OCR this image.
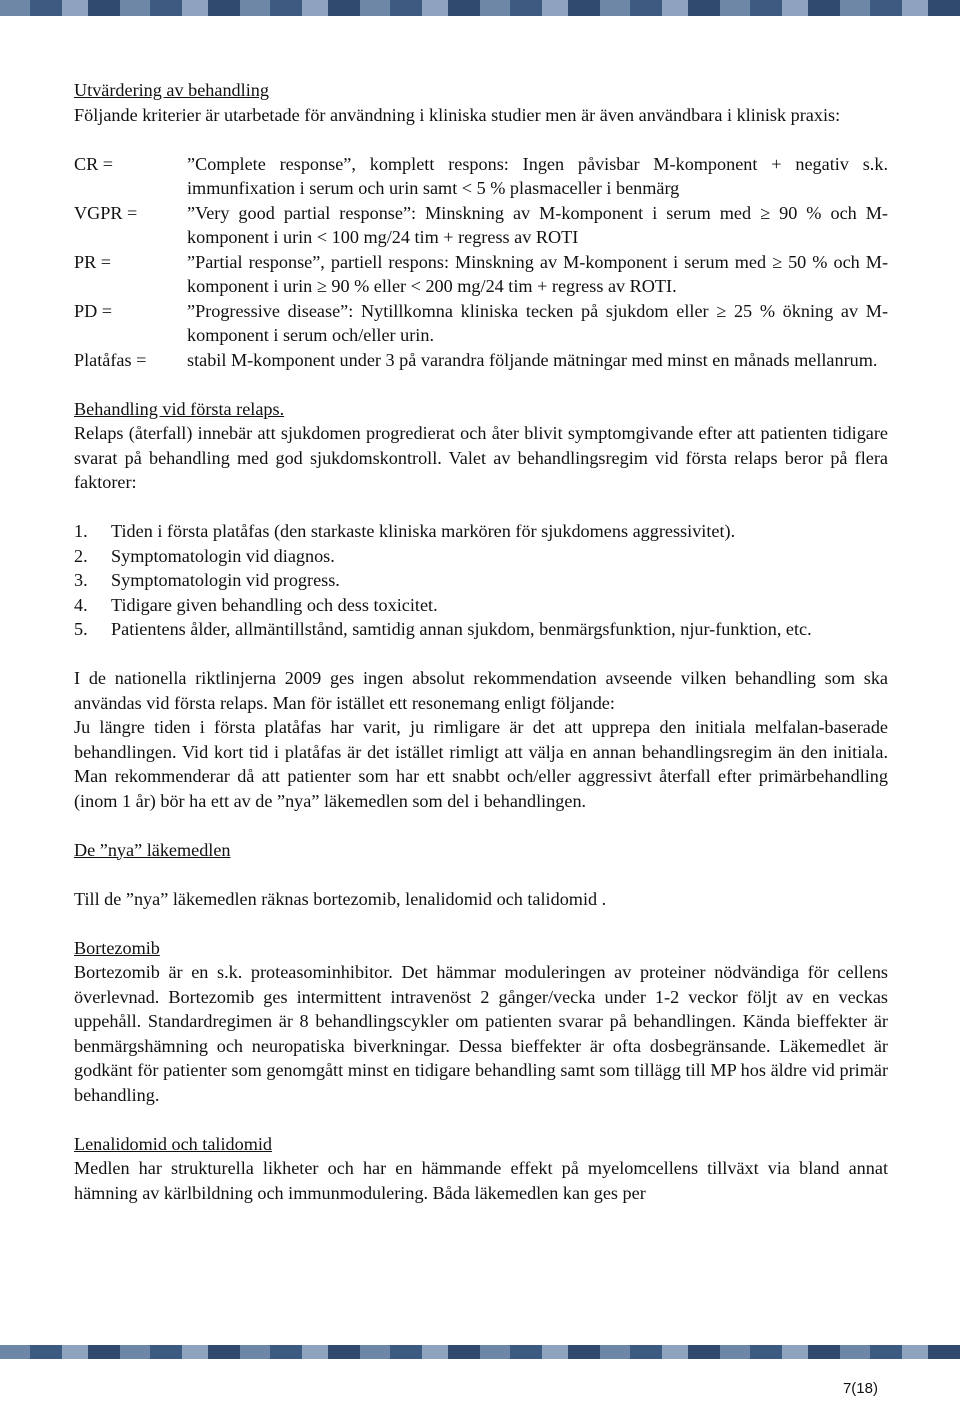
Utvärdering av behandling

Följande kriterier är utarbetade för användning i kliniska studier men är även användbara i klinisk praxis:

CR =	”Complete response”, komplett respons: Ingen påvisbar M-komponent + negativ s.k. immunfixation i serum och urin samt < 5 % plasmaceller i benmärg
VGPR =	”Very good partial response”: Minskning av M-komponent i serum med ≥ 90 % och M-komponent i urin < 100 mg/24 tim + regress av ROTI
PR =	”Partial response”, partiell respons: Minskning av M-komponent i serum med ≥ 50 % och M-komponent i urin ≥ 90 % eller < 200 mg/24 tim + regress av ROTI.
PD =	”Progressive disease”: Nytillkomna kliniska tecken på sjukdom eller ≥ 25 % ökning av M-komponent i serum och/eller urin.
Platåfas =	stabil M-komponent under 3 på varandra följande mätningar med minst en månads mellanrum.

Behandling vid första relaps.

Relaps (återfall) innebär att sjukdomen progredierat och åter blivit symptomgivande efter att patienten tidigare svarat på behandling med god sjukdomskontroll. Valet av behandlingsregim vid första relaps beror på flera faktorer:

1.	Tiden i första platåfas (den starkaste kliniska markören för sjukdomens aggressivitet).
2.	Symptomatologin vid diagnos.
3.	Symptomatologin vid progress.
4.	Tidigare given behandling och dess toxicitet.
5.	Patientens ålder, allmäntillstånd, samtidig annan sjukdom, benmärgsfunktion, njur-funktion, etc.

I de nationella riktlinjerna 2009 ges ingen absolut rekommendation avseende vilken behandling som ska användas vid första relaps. Man för istället ett resonemang enligt följande:

Ju längre tiden i första platåfas har varit, ju rimligare är det att upprepa den initiala melfalan-baserade behandlingen. Vid kort tid i platåfas är det istället rimligt att välja en annan behandlingsregim än den initiala. Man rekommenderar då att patienter som har ett snabbt och/eller aggressivt återfall efter primärbehandling (inom 1 år) bör ha ett av de ”nya” läkemedlen som del i behandlingen.

De ”nya” läkemedlen

Till de ”nya” läkemedlen räknas bortezomib, lenalidomid och talidomid .

Bortezomib

Bortezomib är en s.k. proteasominhibitor. Det hämmar moduleringen av proteiner nödvändiga för cellens överlevnad. Bortezomib ges intermittent intravenöst 2 gånger/vecka under 1-2 veckor följt av en veckas uppehåll. Standardregimen är 8 behandlingscykler om patienten svarar på behandlingen. Kända bieffekter är benmärgshämning och neuropatiska biverkningar. Dessa bieffekter är ofta dosbegränsande. Läkemedlet är godkänt för patienter som genomgått minst en tidigare behandling samt som tillägg till MP hos äldre vid primär behandling.

Lenalidomid och talidomid

Medlen har strukturella likheter och har en hämmande effekt på myelomcellens tillväxt via bland annat hämning av kärlbildning och immunmodulering. Båda läkemedlen kan ges per

7(18)
